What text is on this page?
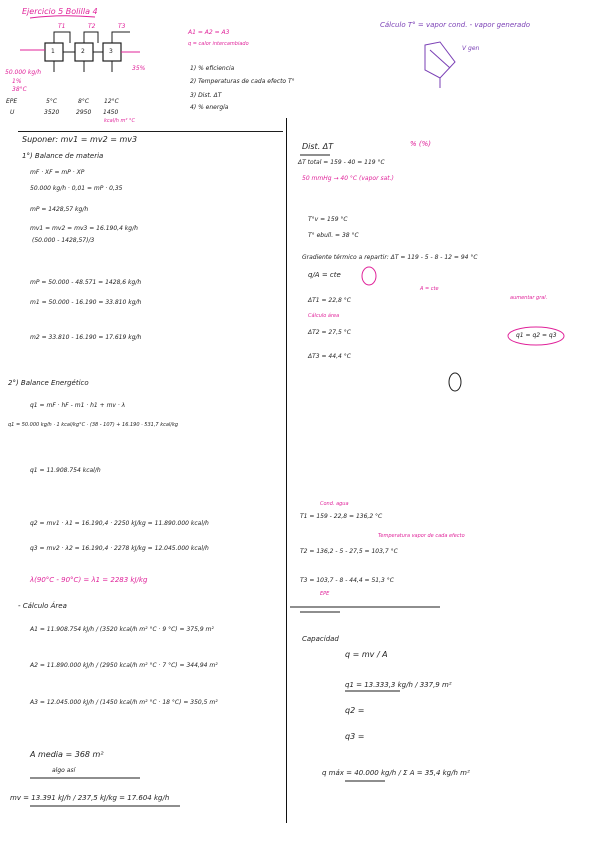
Ejercicio 5 Bolilla 4
50.000 kg/h
1%
38°C
1	2	3
T1	T2	T3
35%
EPE	5°C	8°C 12°C
U	3520	2950 1450
kcal/h m² °C
A1 = A2 = A3
q = calor intercambiado
1) % eficiencia
2) Temperaturas de cada efecto T°
3) Dist. ΔT
4) % energía
Cálculo T° = vapor cond. - vapor generado
V gen
Suponer: mv1 = mv2 = mv3
1°) Balance de materia
mF · XF = mP · XP
50.000 kg/h · 0,01 = mP · 0,35
mP = 1428,57 kg/h
mv1 = mv2 = mv3 = 16.190,4 kg/h
(50.000 - 1428,57)/3
mP = 50.000 - 48.571 = 1428,6 kg/h
m1 = 50.000 - 16.190 = 33.810 kg/h
m2 = 33.810 - 16.190 = 17.619 kg/h
2°) Balance Energético
q1 = mF · hF - m1 · h1 + mv · λ
q1 = 50.000 kg/h · 1 kcal/kg°C · (38 - 107) + 16.190 · 531,7 kcal/kg
q1 = 11.908.754 kcal/h
q2 = mv1 · λ1 = 16.190,4 · 2250 kJ/kg = 11.890.000 kcal/h
q3 = mv2 · λ2 = 16.190,4 · 2278 kJ/kg = 12.045.000 kcal/h
λ(90°C - 90°C) = λ1 = 2283 kJ/kg
- Cálculo Área
A1 = 11.908.754 kJ/h / (3520 kcal/h m² °C · 9 °C) = 375,9 m²
A2 = 11.890.000 kJ/h / (2950 kcal/h m² °C · 7 °C) = 344,94 m²
A3 = 12.045.000 kJ/h / (1450 kcal/h m² °C · 18 °C) = 350,5 m²
A media = 368 m²
algo así
mv = 13.391 kJ/h / 237,5 kJ/kg = 17.604 kg/h
Dist. ΔT	% (%)
ΔT total = 159 - 40 = 119 °C
50 mmHg → 40 °C (vapor sat.)
T°v = 159 °C
T° ebull. = 38 °C
Gradiente térmico a repartir: ΔT = 119 - 5 - 8 - 12 = 94 °C
q/A = cte
ΔT1 = 22,8 °C
ΔT2 = 27,5 °C
ΔT3 = 44,4 °C
A = cte
q1 = q2 = q3
Cálculo área
aumentar gral.
T1 = 159 - 22,8 = 136,2 °C
T2 = 136,2 - 5 - 27,5 = 103,7 °C
T3 = 103,7 - 8 - 44,4 = 51,3 °C
Temperatura vapor de cada efecto
EPE
Cond. agua
Capacidad
q = mv / A
q1 = 13.333,3 kg/h / 337,9 m²
q2 =
q3 =
q máx = 40.000 kg/h / Σ A = 35,4 kg/h m²
